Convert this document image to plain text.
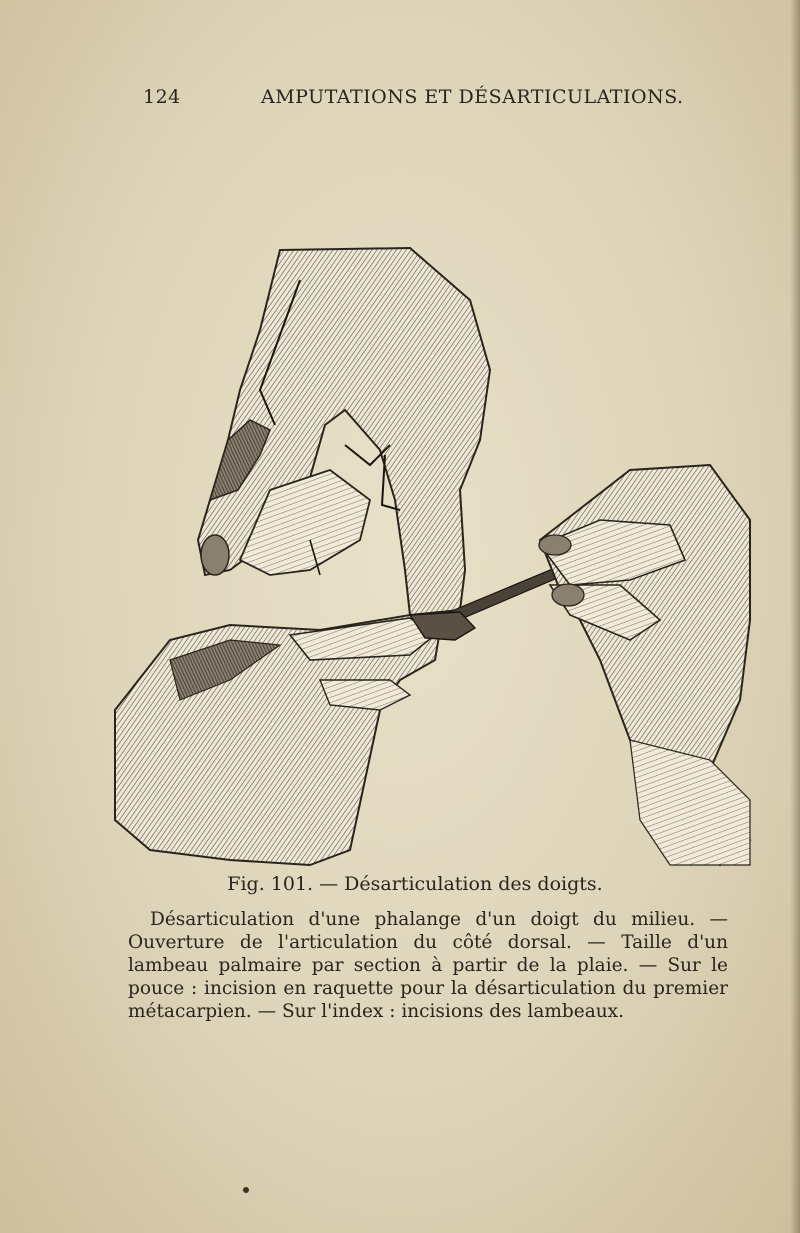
124	AMPUTATIONS ET DÉSARTICULATIONS.
Fig. 101. — Désarticulation des doigts.

Désarticulation d'une phalange d'un doigt du milieu. — Ouverture de l'articulation du côté dorsal. — Taille d'un lambeau palmaire par section à partir de la plaie. — Sur le pouce : incision en raquette pour la désarticulation du premier métacarpien. — Sur l'index : incisions des lambeaux.
